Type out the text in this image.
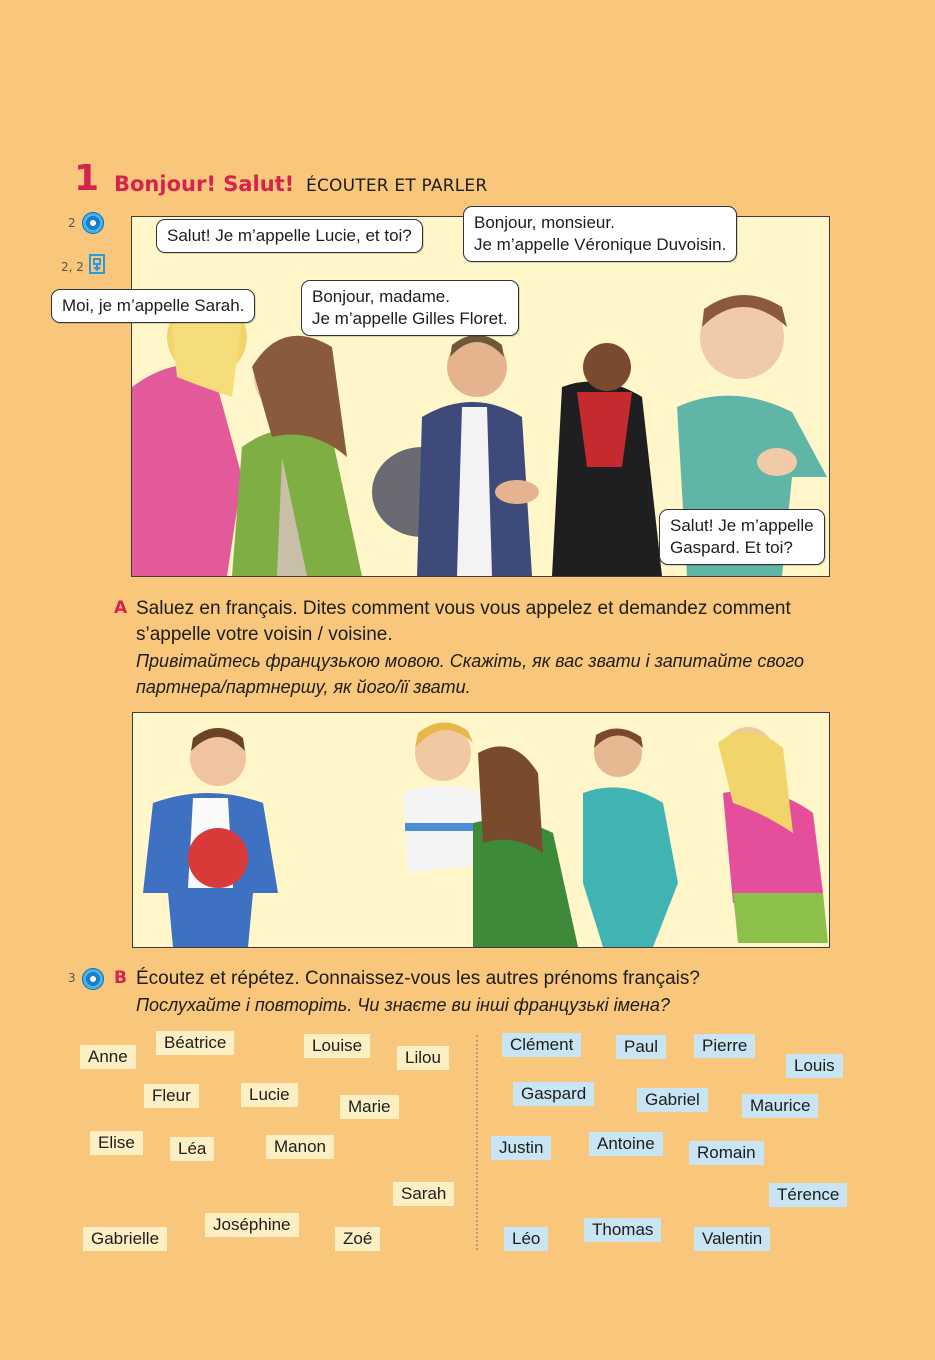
1 Bonjour! Salut! ÉCOUTER ET PARLER
2
2, 2
Moi, je m’appelle Sarah.
Salut! Je m’appelle Lucie, et toi?
Bonjour, madame.
Je m’appelle Gilles Floret.
Bonjour, monsieur.
Je m’appelle Véronique Duvoisin.
Salut! Je m’appelle
Gaspard. Et toi?
A Saluez en français. Dites comment vous vous appelez et demandez comment s’appelle votre voisin / voisine.
Привітайтесь французькою мовою. Скажіть, як вас звати і запитайте свого партнера/партнершу, як його/її звати.
3 B Écoutez et répétez. Connaissez-vous les autres prénoms français?
Послухайте і повторіть. Чи знаєте ви інші французькі імена?
Anne
Béatrice	Louise
Lilou
Fleur	Lucie
Marie
Elise	Léa	Manon
Sarah
Gabrielle
Joséphine
Zoé
Clément	Paul	Pierre
Louis
Gaspard	Gabriel	Maurice
Justin	Antoine	Romain
Térence
Léo	Thomas	Valentin
